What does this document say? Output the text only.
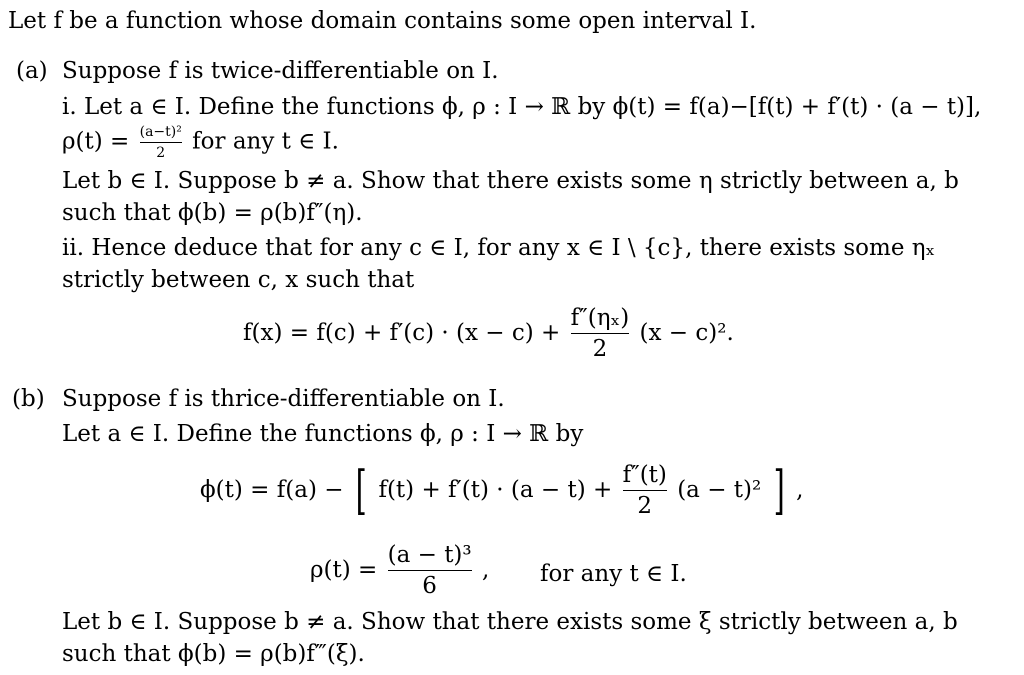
Let f be a function whose domain contains some open interval I.
(a) Suppose f is twice-differentiable on I.
i. Let a ∈ I. Define the functions ϕ, ρ : I → ℝ by ϕ(t) = f(a)−[f(t) + f′(t) · (a − t)],
$\rho(t) = \frac{\text{(a−t)²}}{2}$ for any t ∈ I.
Let b ∈ I. Suppose b ≠ a. Show that there exists some η strictly between a, b
such that ϕ(b) = ρ(b)f″(η).
ii. Hence deduce that for any c ∈ I, for any x ∈ I \ {c}, there exists some ηₓ
strictly between c, x such that
$f(x) = f(c) + f'(c) \cdot (x - c) + \frac{\text{f″(ηₓ)}}{2} (x - c)^2$.
(b) Suppose f is thrice-differentiable on I.
Let a ∈ I. Define the functions ϕ, ρ : I → ℝ by
ϕ(t) = f(a) − [ $f(t) + f'(t) \cdot (a - t) + \frac{f''(t)}{2} (a - t)^2$ ] ,
$\rho(t) = \frac{\text{(a − t)³}}{6}$ , for any t ∈ I.
Let b ∈ I. Suppose b ≠ a. Show that there exists some ξ strictly between a, b
such that ϕ(b) = ρ(b)f‴(ξ).
